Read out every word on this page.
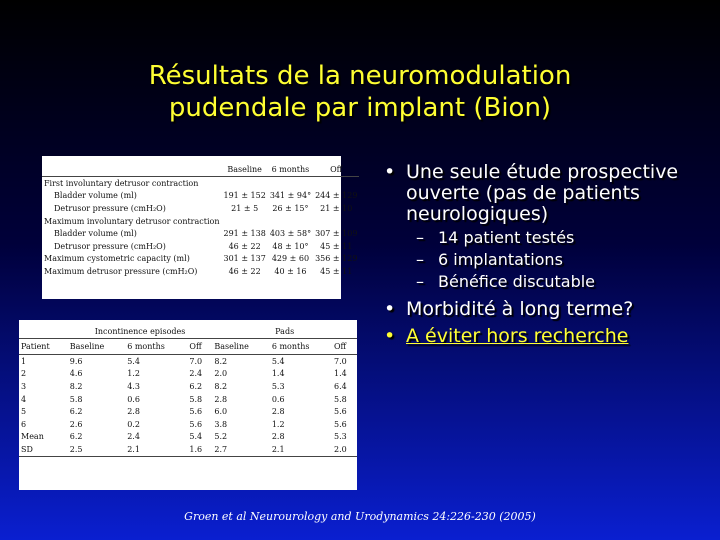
Résultats de la neuromodulation
pudendale par implant (Bion)
	Baseline	6 months	Off
First involuntary detrusor contraction			
Bladder volume (ml)	191 ± 152	341 ± 94°	244 ± 129
Detrusor pressure (cmH₂O)	21 ± 5	26 ± 15°	21 ± 10
Maximum involuntary detrusor contraction			
Bladder volume (ml)	291 ± 138	403 ± 58°	307 ± 109
Detrusor pressure (cmH₂O)	46 ± 22	48 ± 10°	45 ± 11
Maximum cystometric capacity (ml)	301 ± 137	429 ± 60	356 ± 129
Maximum detrusor pressure (cmH₂O)	46 ± 22	40 ± 16	45 ± 11
	Incontinence episodes			Pads		
Patient	Baseline	6 months	Off	Baseline	6 months	Off
1	9.6	5.4	7.0	8.2	5.4	7.0
2	4.6	1.2	2.4	2.0	1.4	1.4
3	8.2	4.3	6.2	8.2	5.3	6.4
4	5.8	0.6	5.8	2.8	0.6	5.8
5	6.2	2.8	5.6	6.0	2.8	5.6
6	2.6	0.2	5.6	3.8	1.2	5.6
Mean	6.2	2.4	5.4	5.2	2.8	5.3
SD	2.5	2.1	1.6	2.7	2.1	2.0
• Une seule étude prospective ouverte (pas de patients neurologiques)
– 14 patient testés
– 6 implantations
– Bénéfice discutable
• Morbidité à long terme?
• A éviter hors recherche
Groen et al Neurourology and Urodynamics 24:226-230 (2005)
